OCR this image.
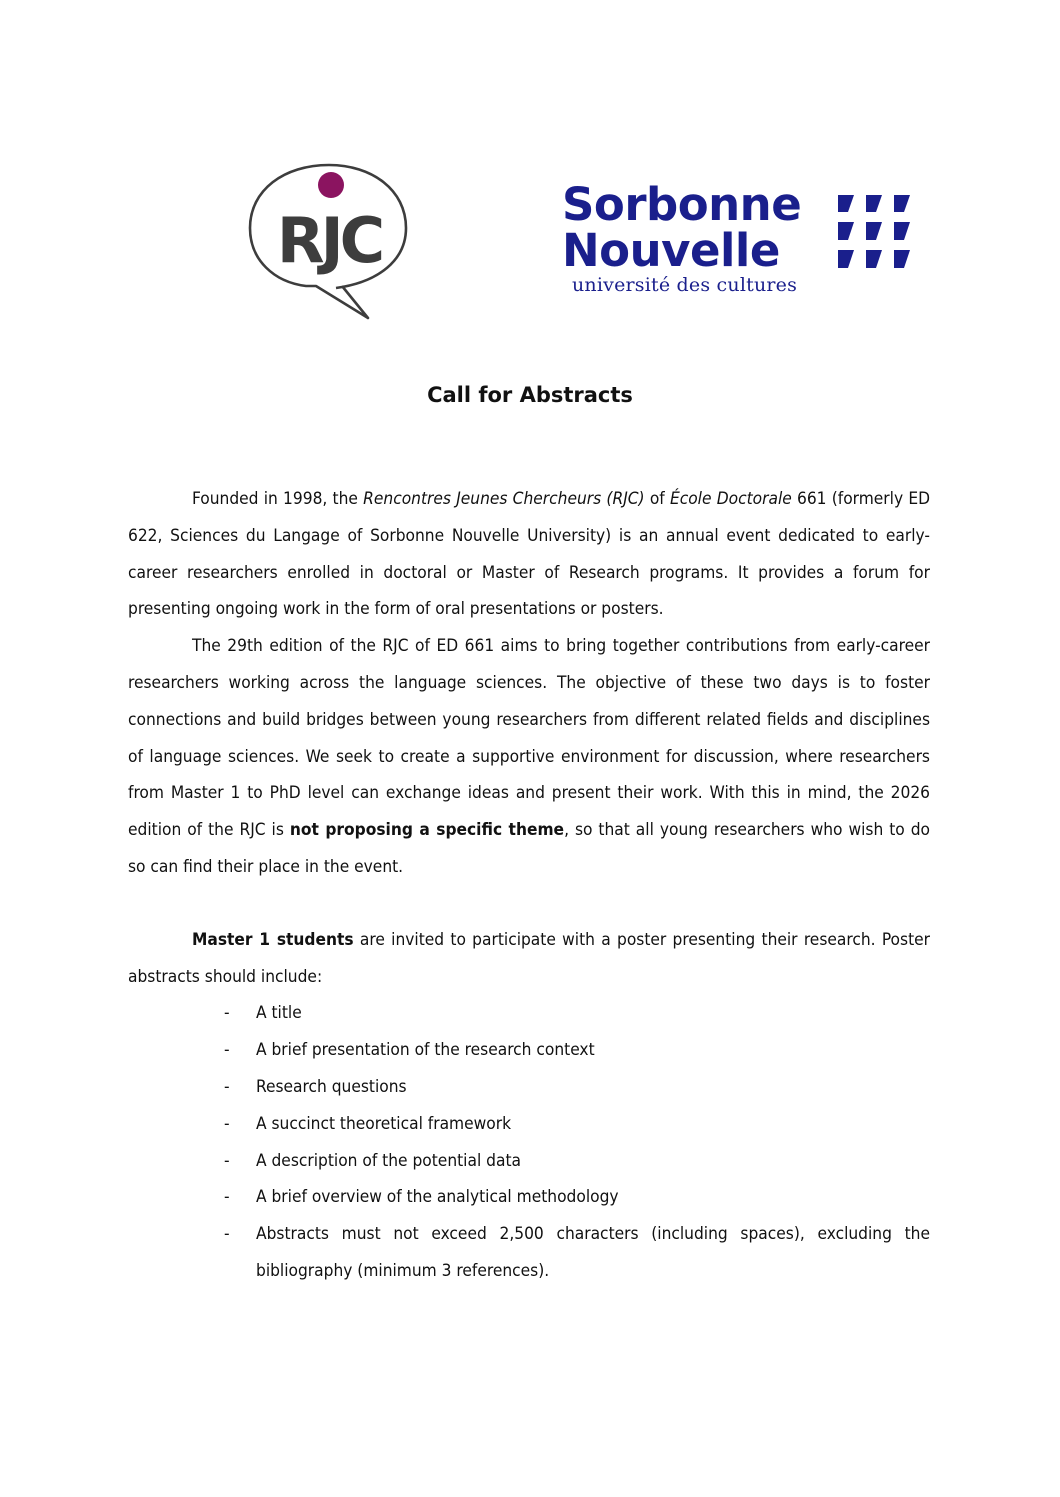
RJC	Sorbonne
Nouvelle
université des cultures
Call for Abstracts

Founded in 1998, the Rencontres Jeunes Chercheurs (RJC) of École Doctorale 661 (formerly ED 622, Sciences du Langage of Sorbonne Nouvelle University) is an annual event dedicated to early-career researchers enrolled in doctoral or Master of Research programs. It provides a forum for presenting ongoing work in the form of oral presentations or posters.

The 29th edition of the RJC of ED 661 aims to bring together contributions from early-career researchers working across the language sciences. The objective of these two days is to foster connections and build bridges between young researchers from different related fields and disciplines of language sciences. We seek to create a supportive environment for discussion, where researchers from Master 1 to PhD level can exchange ideas and present their work. With this in mind, the 2026 edition of the RJC is not proposing a specific theme, so that all young researchers who wish to do so can find their place in the event.

Master 1 students are invited to participate with a poster presenting their research. Poster abstracts should include:

- A title
- A brief presentation of the research context
- Research questions
- A succinct theoretical framework
- A description of the potential data
- A brief overview of the analytical methodology
- Abstracts must not exceed 2,500 characters (including spaces), excluding the bibliography (minimum 3 references).
